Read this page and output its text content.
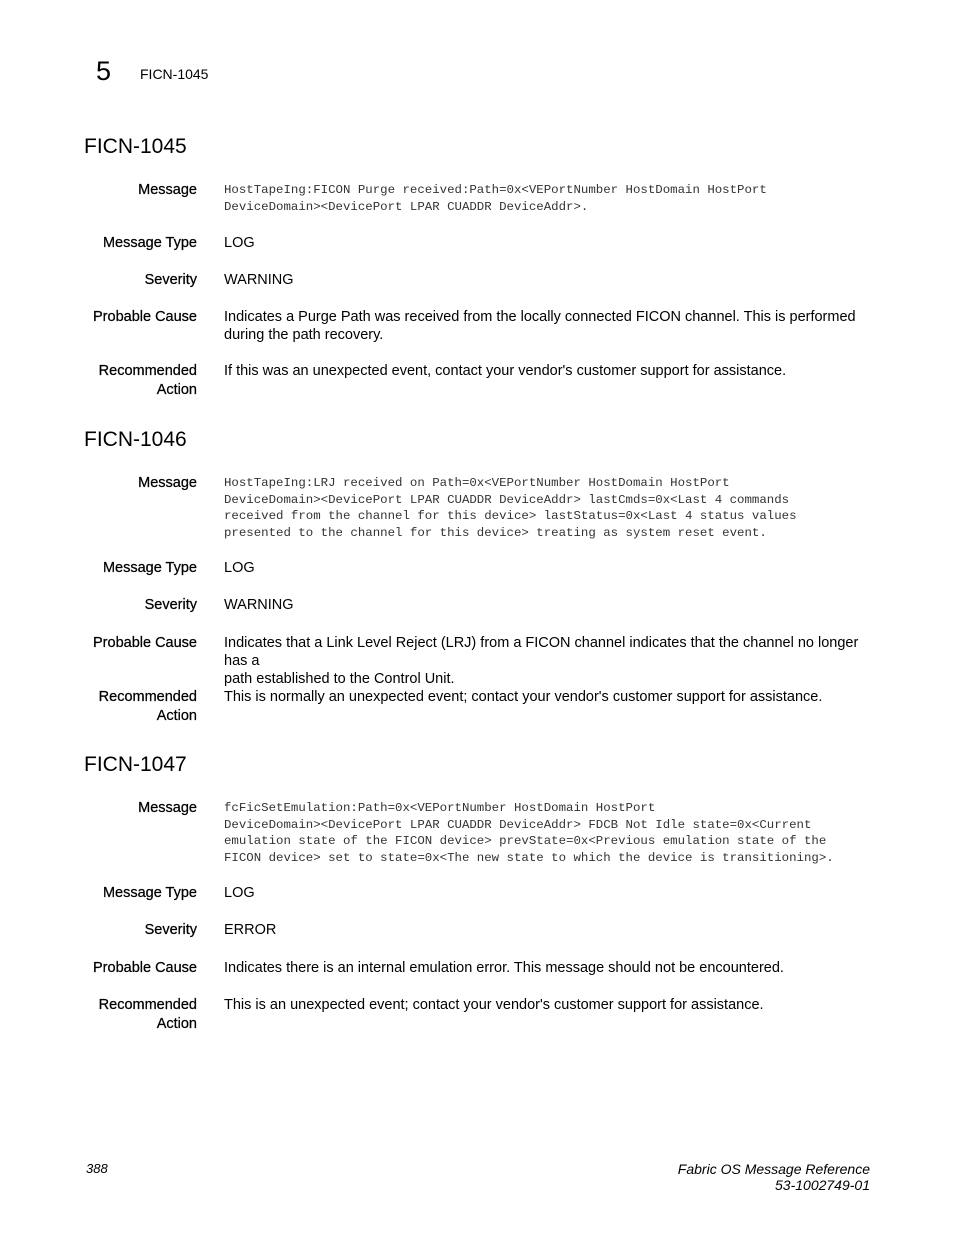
5 FICN-1045
FICN-1045
Message HostTapeIng:FICON Purge received:Path=0x<VEPortNumber HostDomain HostPort
DeviceDomain><DevicePort LPAR CUADDR DeviceAddr>.
Message Type LOG
Severity WARNING
Probable Cause Indicates a Purge Path was received from the locally connected FICON channel. This is performed
during the path recovery.
Recommended
Action
If this was an unexpected event, contact your vendor's customer support for assistance.
FICN-1046
Message HostTapeIng:LRJ received on Path=0x<VEPortNumber HostDomain HostPort
DeviceDomain><DevicePort LPAR CUADDR DeviceAddr> lastCmds=0x<Last 4 commands
received from the channel for this device> lastStatus=0x<Last 4 status values
presented to the channel for this device> treating as system reset event.
Message Type LOG
Severity WARNING
Probable Cause Indicates that a Link Level Reject (LRJ) from a FICON channel indicates that the channel no longer has a
path established to the Control Unit.
Recommended
Action
This is normally an unexpected event; contact your vendor's customer support for assistance.
FICN-1047
Message fcFicSetEmulation:Path=0x<VEPortNumber HostDomain HostPort
DeviceDomain><DevicePort LPAR CUADDR DeviceAddr> FDCB Not Idle state=0x<Current
emulation state of the FICON device> prevState=0x<Previous emulation state of the
FICON device> set to state=0x<The new state to which the device is transitioning>.
Message Type LOG
Severity ERROR
Probable Cause Indicates there is an internal emulation error. This message should not be encountered.
Recommended
Action
This is an unexpected event; contact your vendor's customer support for assistance.
388	Fabric OS Message Reference
53-1002749-01
